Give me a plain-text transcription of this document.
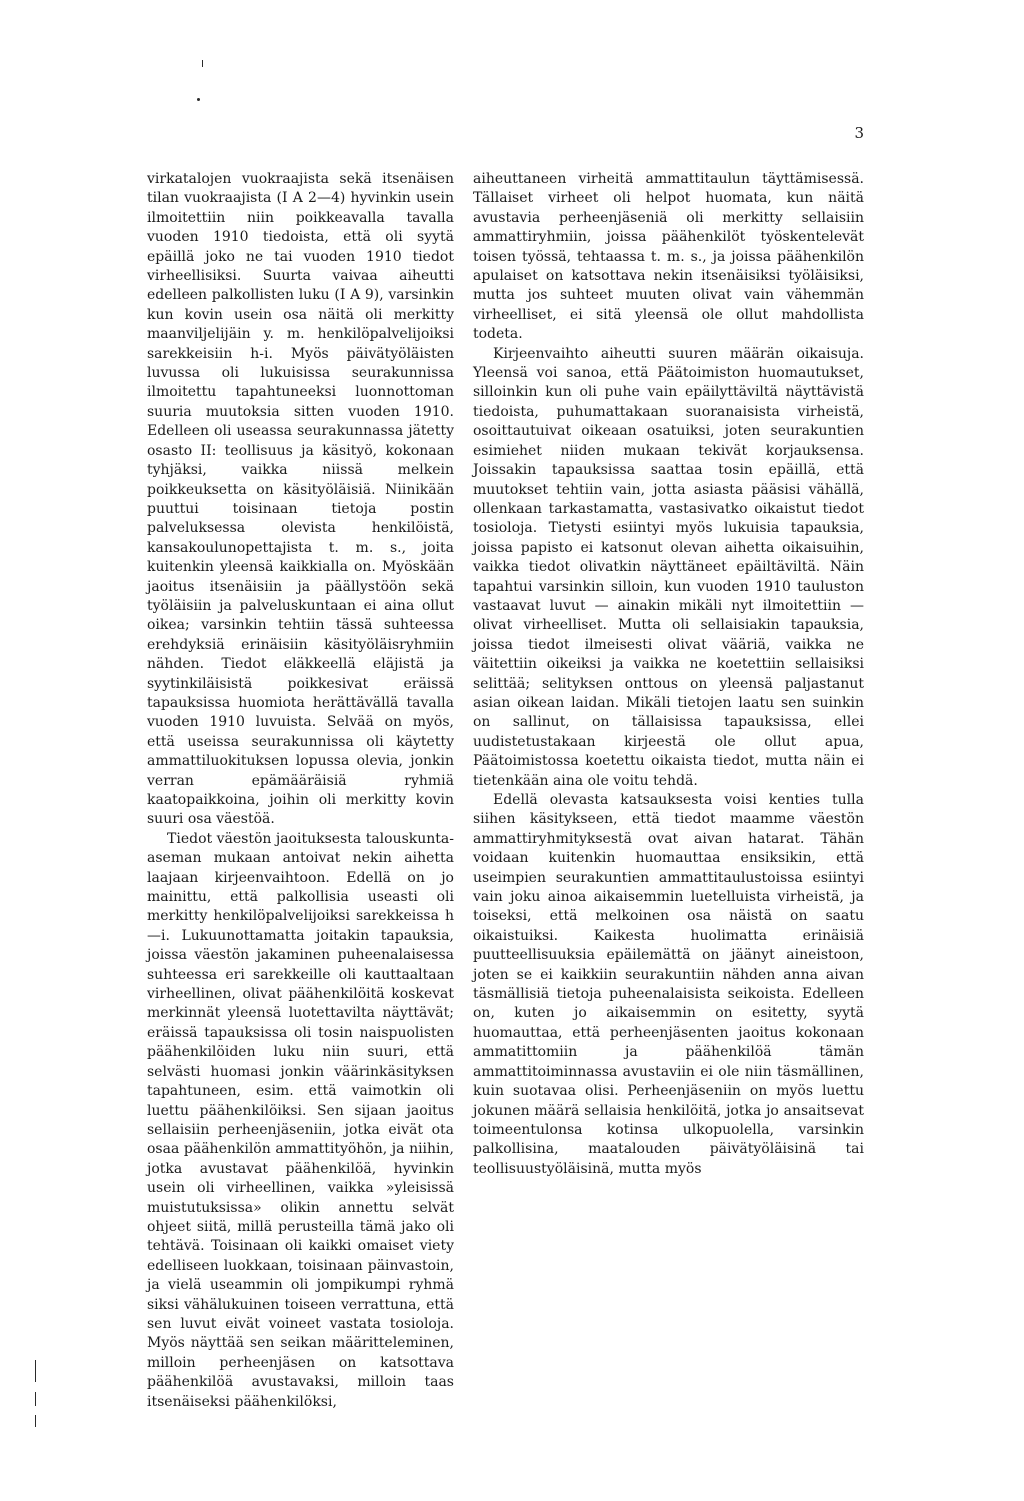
3

virkatalojen vuokraajista sekä itsenäisen tilan vuokraajista (I A 2—4) hyvinkin usein ilmoitettiin niin poikkeavalla tavalla vuoden 1910 tiedoista, että oli syytä epäillä joko ne tai vuoden 1910 tiedot virheellisiksi. Suurta vaivaa aiheutti edelleen palkollisten luku (I A 9), varsinkin kun kovin usein osa näitä oli merkitty maanviljelijäin y. m. henkilöpalvelijoiksi sarekkeisiin h-i. Myös päivätyöläisten luvussa oli lukuisissa seurakunnissa ilmoitettu tapahtuneeksi luonnottoman suuria muutoksia sitten vuoden 1910. Edelleen oli useassa seurakunnassa jätetty osasto II: teollisuus ja käsityö, kokonaan tyhjäksi, vaikka niissä melkein poikkeuksetta on käsityöläisiä. Niinikään puuttui toisinaan tietoja postin palveluksessa olevista henkilöistä, kansakoulunopettajista t. m. s., joita kuitenkin yleensä kaikkialla on. Myöskään jaoitus itsenäisiin ja päällystöön sekä työläisiin ja palveluskuntaan ei aina ollut oikea; varsinkin tehtiin tässä suhteessa erehdyksiä erinäisiin käsityöläisryhmiin nähden. Tiedot eläkkeellä eläjistä ja syytinkiläisistä poikkesivat eräissä tapauksissa huomiota herättävällä tavalla vuoden 1910 luvuista. Selvää on myös, että useissa seurakunnissa oli käytetty ammattiluokituksen lopussa olevia, jonkin verran epämääräisiä ryhmiä kaatopaikkoina, joihin oli merkitty kovin suuri osa väestöä.

Tiedot väestön jaoituksesta talouskunta-aseman mukaan antoivat nekin aihetta laajaan kirjeenvaihtoon. Edellä on jo mainittu, että palkollisia useasti oli merkitty henkilöpalvelijoiksi sarekkeissa h—i. Lukuunottamatta joitakin tapauksia, joissa väestön jakaminen puheenalaisessa suhteessa eri sarekkeille oli kauttaaltaan virheellinen, olivat päähenkilöitä koskevat merkinnät yleensä luotettavilta näyttävät; eräissä tapauksissa oli tosin naispuolisten päähenkilöiden luku niin suuri, että selvästi huomasi jonkin väärinkäsityksen tapahtuneen, esim. että vaimotkin oli luettu päähenkilöiksi. Sen sijaan jaoitus sellaisiin perheenjäseniin, jotka eivät ota osaa päähenkilön ammattityöhön, ja niihin, jotka avustavat päähenkilöä, hyvinkin usein oli virheellinen, vaikka »yleisissä muistutuksissa» olikin annettu selvät ohjeet siitä, millä perusteilla tämä jako oli tehtävä. Toisinaan oli kaikki omaiset viety edelliseen luokkaan, toisinaan päinvastoin, ja vielä useammin oli jompikumpi ryhmä siksi vähälukuinen toiseen verrattuna, että sen luvut eivät voineet vastata tosioloja. Myös näyttää sen seikan määritteleminen, milloin perheenjäsen on katsottava päähenkilöä avustavaksi, milloin taas itsenäiseksi päähenkilöksi,

aiheuttaneen virheitä ammattitaulun täyttämisessä. Tällaiset virheet oli helpot huomata, kun näitä avustavia perheenjäseniä oli merkitty sellaisiin ammattiryhmiin, joissa päähenkilöt työskentelevät toisen työssä, tehtaassa t. m. s., ja joissa päähenkilön apulaiset on katsottava nekin itsenäisiksi työläisiksi, mutta jos suhteet muuten olivat vain vähemmän virheelliset, ei sitä yleensä ole ollut mahdollista todeta.

Kirjeenvaihto aiheutti suuren määrän oikaisuja. Yleensä voi sanoa, että Päätoimiston huomautukset, silloinkin kun oli puhe vain epäilyttäviltä näyttävistä tiedoista, puhumattakaan suoranaisista virheistä, osoittautuivat oikeaan osatuiksi, joten seurakuntien esimiehet niiden mukaan tekivät korjauksensa. Joissakin tapauksissa saattaa tosin epäillä, että muutokset tehtiin vain, jotta asiasta pääsisi vähällä, ollenkaan tarkastamatta, vastasivatko oikaistut tiedot tosioloja. Tietysti esiintyi myös lukuisia tapauksia, joissa papisto ei katsonut olevan aihetta oikaisuihin, vaikka tiedot olivatkin näyttäneet epäiltäviltä. Näin tapahtui varsinkin silloin, kun vuoden 1910 tauluston vastaavat luvut — ainakin mikäli nyt ilmoitettiin — olivat virheelliset. Mutta oli sellaisiakin tapauksia, joissa tiedot ilmeisesti olivat vääriä, vaikka ne väitettiin oikeiksi ja vaikka ne koetettiin sellaisiksi selittää; selityksen onttous on yleensä paljastanut asian oikean laidan. Mikäli tietojen laatu sen suinkin on sallinut, on tällaisissa tapauksissa, ellei uudistetustakaan kirjeestä ole ollut apua, Päätoimistossa koetettu oikaista tiedot, mutta näin ei tietenkään aina ole voitu tehdä.

Edellä olevasta katsauksesta voisi kenties tulla siihen käsitykseen, että tiedot maamme väestön ammattiryhmityksestä ovat aivan hatarat. Tähän voidaan kuitenkin huomauttaa ensiksikin, että useimpien seurakuntien ammattitaulustoissa esiintyi vain joku ainoa aikaisemmin luetelluista virheistä, ja toiseksi, että melkoinen osa näistä on saatu oikaistuiksi. Kaikesta huolimatta erinäisiä puutteellisuuksia epäilemättä on jäänyt aineistoon, joten se ei kaikkiin seurakuntiin nähden anna aivan täsmällisiä tietoja puheenalaisista seikoista. Edelleen on, kuten jo aikaisemmin on esitetty, syytä huomauttaa, että perheenjäsenten jaoitus kokonaan ammatittomiin ja päähenkilöä tämän ammattitoiminnassa avustaviin ei ole niin täsmällinen, kuin suotavaa olisi. Perheenjäseniin on myös luettu jokunen määrä sellaisia henkilöitä, jotka jo ansaitsevat toimeentulonsa kotinsa ulkopuolella, varsinkin palkollisina, maatalouden päivätyöläisinä tai teollisuustyöläisinä, mutta myös
